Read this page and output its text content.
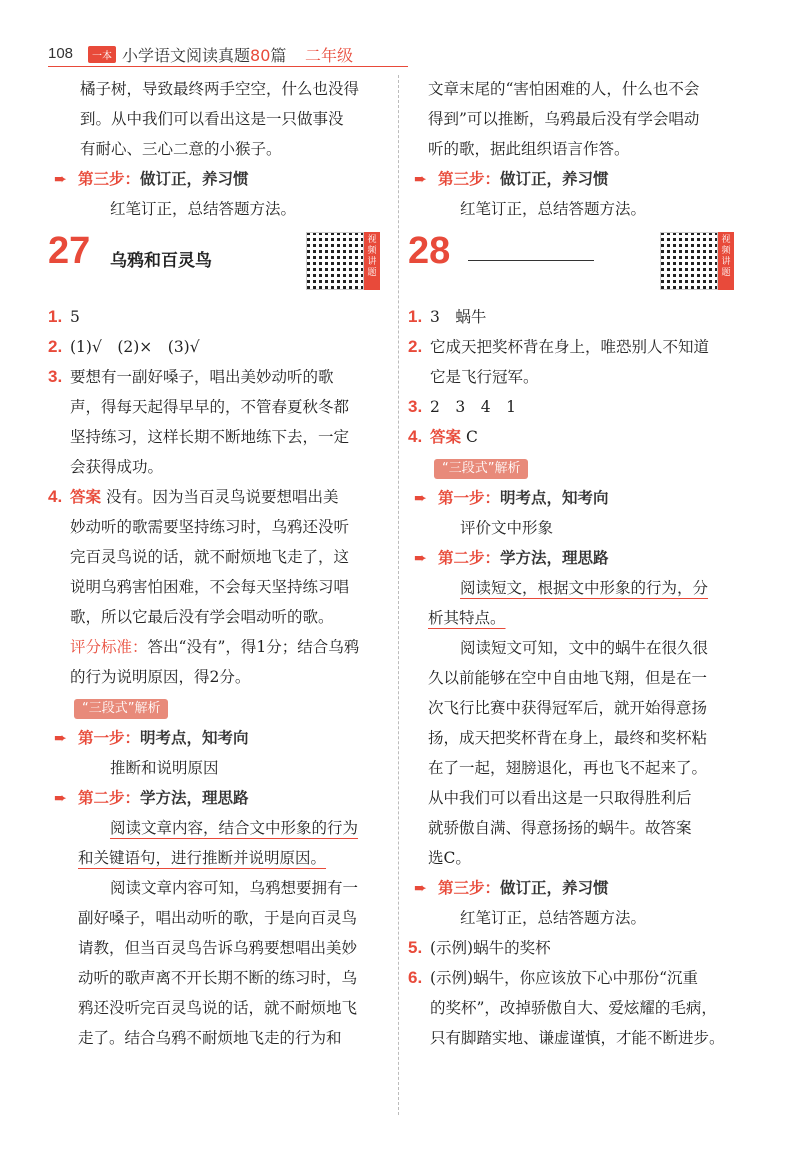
108	一本 小学语文阅读真题80篇 二年级

橘子树，导致最终两手空空，什么也没得

到。从中我们可以看出这是一只做事没

有耐心、三心二意的小猴子。

➨ 第三步：做订正，养习惯

红笔订正，总结答题方法。

27 乌鸦和百灵鸟
视频讲题
1. 5
2. (1)√　(2)×　(3)√
3. 要想有一副好嗓子，唱出美妙动听的歌

声，得每天起得早早的，不管春夏秋冬都

坚持练习，这样长期不断地练下去，一定

会获得成功。

4. 答案 没有。因为当百灵鸟说要想唱出美

妙动听的歌需要坚持练习时，乌鸦还没听

完百灵鸟说的话，就不耐烦地飞走了，这

说明乌鸦害怕困难，不会每天坚持练习唱

歌，所以它最后没有学会唱动听的歌。

评分标准：答出“没有”，得1分；结合乌鸦

的行为说明原因，得2分。

“三段式”解析
➨ 第一步：明考点，知考向

推断和说明原因

➨ 第二步：学方法，理思路

阅读文章内容，结合文中形象的行为

和关键语句，进行推断并说明原因。

阅读文章内容可知，乌鸦想要拥有一

副好嗓子，唱出动听的歌，于是向百灵鸟

请教，但当百灵鸟告诉乌鸦要想唱出美妙

动听的歌声离不开长期不断的练习时，乌

鸦还没听完百灵鸟说的话，就不耐烦地飞

走了。结合乌鸦不耐烦地飞走的行为和

文章末尾的“害怕困难的人，什么也不会

得到”可以推断，乌鸦最后没有学会唱动

听的歌，据此组织语言作答。

➨ 第三步：做订正，养习惯

红笔订正，总结答题方法。

28	视频讲题
1. 3　蜗牛
2. 它成天把奖杯背在身上，唯恐别人不知道

它是飞行冠军。

3. 2　3　4　1
4. 答案 C
“三段式”解析
➨ 第一步：明考点，知考向

评价文中形象

➨ 第二步：学方法，理思路

阅读短文，根据文中形象的行为，分

析其特点。

阅读短文可知，文中的蜗牛在很久很

久以前能够在空中自由地飞翔，但是在一

次飞行比赛中获得冠军后，就开始得意扬

扬，成天把奖杯背在身上，最终和奖杯粘

在了一起，翅膀退化，再也飞不起来了。

从中我们可以看出这是一只取得胜利后

就骄傲自满、得意扬扬的蜗牛。故答案

选C。

➨ 第三步：做订正，养习惯

红笔订正，总结答题方法。

5. (示例)蜗牛的奖杯
6. (示例)蜗牛，你应该放下心中那份“沉重

的奖杯”，改掉骄傲自大、爱炫耀的毛病，

只有脚踏实地、谦虚谨慎，才能不断进步。
